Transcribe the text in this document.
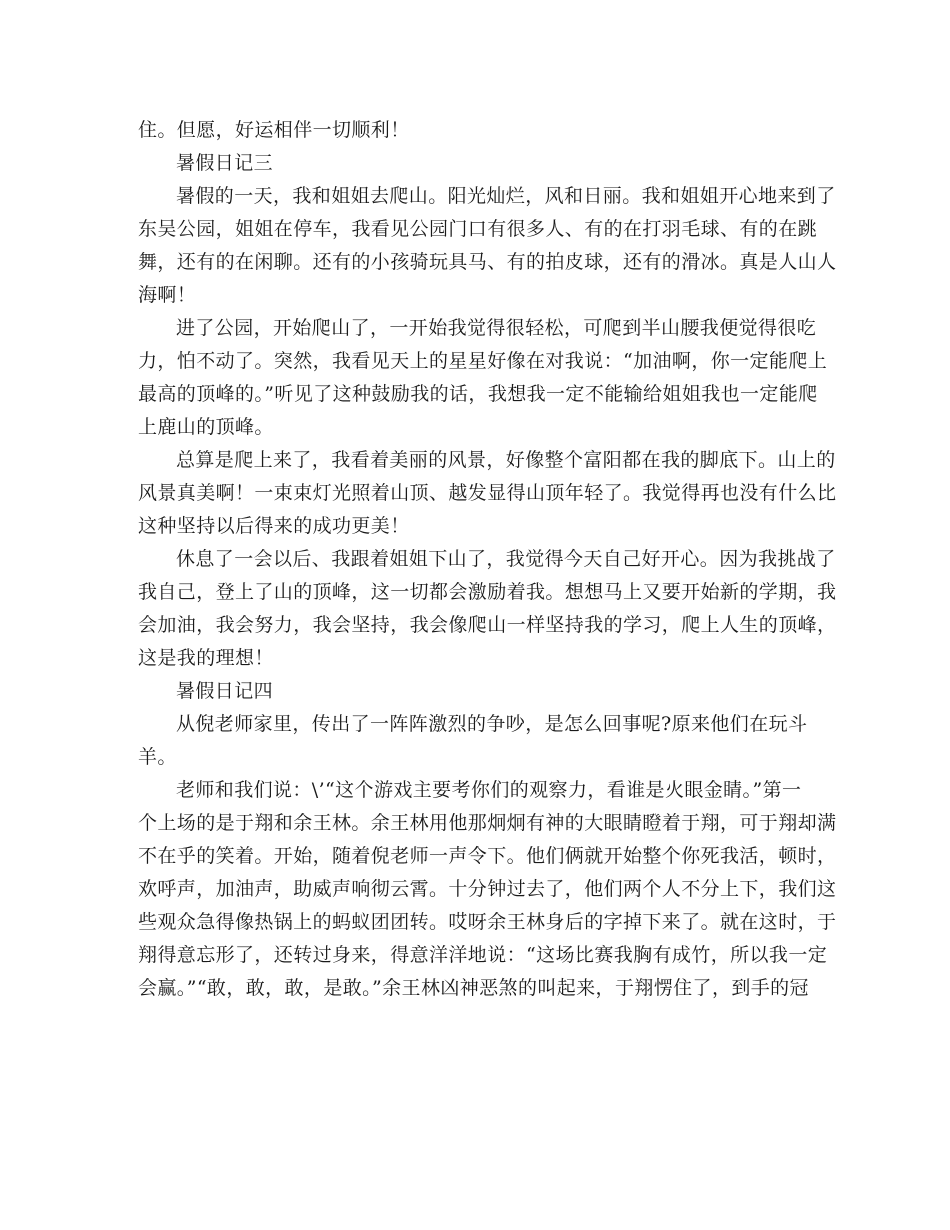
住。但愿，好运相伴一切顺利！
暑假日记三
暑假的一天，我和姐姐去爬山。阳光灿烂，风和日丽。我和姐姐开心地来到了
东吴公园，姐姐在停车，我看见公园门口有很多人、有的在打羽毛球、有的在跳
舞，还有的在闲聊。还有的小孩骑玩具马、有的拍皮球，还有的滑冰。真是人山人
海啊！
进了公园，开始爬山了，一开始我觉得很轻松，可爬到半山腰我便觉得很吃
力，怕不动了。突然，我看见天上的星星好像在对我说：“加油啊，你一定能爬上
最高的顶峰的。”听见了这种鼓励我的话，我想我一定不能输给姐姐我也一定能爬
上鹿山的顶峰。
总算是爬上来了，我看着美丽的风景，好像整个富阳都在我的脚底下。山上的
风景真美啊！一束束灯光照着山顶、越发显得山顶年轻了。我觉得再也没有什么比
这种坚持以后得来的成功更美！
休息了一会以后、我跟着姐姐下山了，我觉得今天自己好开心。因为我挑战了
我自己，登上了山的顶峰，这一切都会激励着我。想想马上又要开始新的学期，我
会加油，我会努力，我会坚持，我会像爬山一样坚持我的学习，爬上人生的顶峰，
这是我的理想！
暑假日记四
从倪老师家里，传出了一阵阵激烈的争吵，是怎么回事呢?原来他们在玩斗
羊。
老师和我们说：\’“这个游戏主要考你们的观察力，看谁是火眼金睛。”第一
个上场的是于翔和余王林。余王林用他那炯炯有神的大眼睛瞪着于翔，可于翔却满
不在乎的笑着。开始，随着倪老师一声令下。他们俩就开始整个你死我活，顿时，
欢呼声，加油声，助威声响彻云霄。十分钟过去了，他们两个人不分上下，我们这
些观众急得像热锅上的蚂蚁团团转。哎呀余王林身后的字掉下来了。就在这时，于
翔得意忘形了，还转过身来，得意洋洋地说：“这场比赛我胸有成竹，所以我一定
会赢。”“敢，敢，敢，是敢。”余王林凶神恶煞的叫起来，于翔愣住了，到手的冠
